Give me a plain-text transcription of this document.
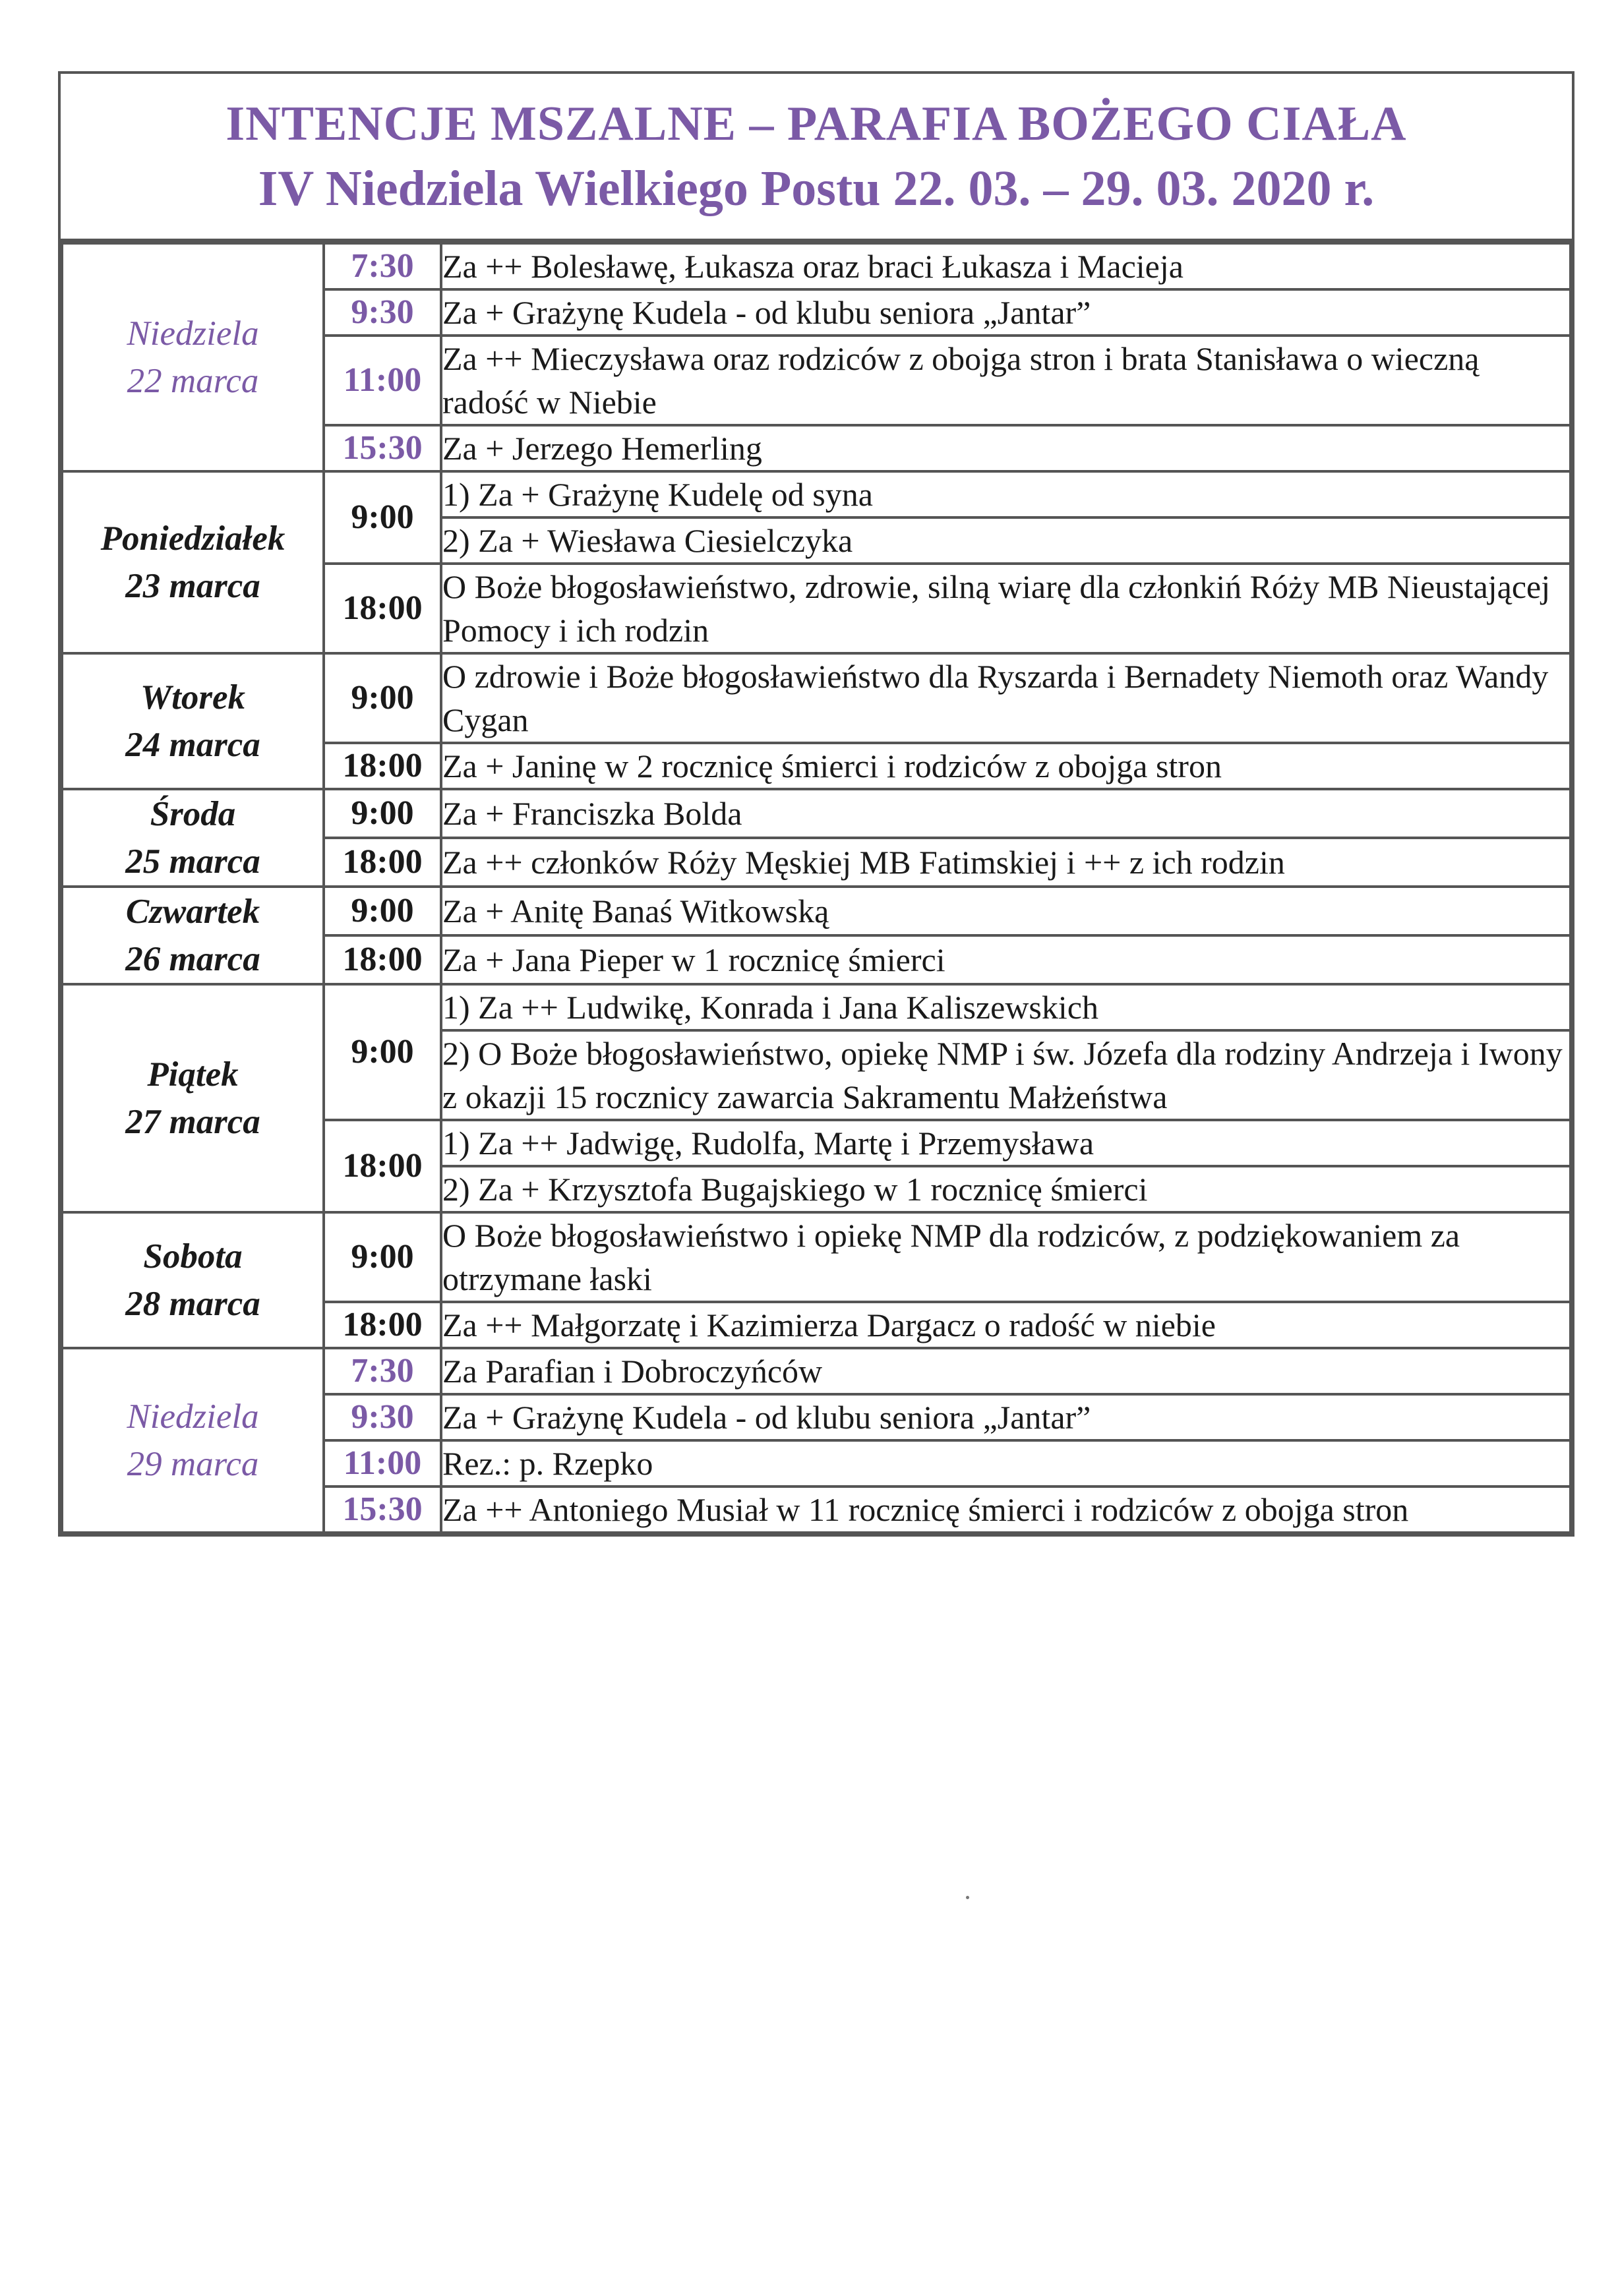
INTENCJE MSZALNE – PARAFIA BOŻEGO CIAŁA
IV Niedziela Wielkiego Postu 22. 03. – 29. 03. 2020 r.
Niedziela
22 marca	7:30	Za ++ Bolesławę, Łukasza oraz braci Łukasza i Macieja
	9:30	Za + Grażynę Kudela - od klubu seniora „Jantar”
	11:00	Za ++ Mieczysława oraz rodziców z obojga stron i brata Stanisława o wieczną radość w Niebie
	15:30	Za + Jerzego Hemerling

Poniedziałek
23 marca	9:00	1) Za + Grażynę Kudelę od syna
		2) Za + Wiesława Ciesielczyka
	18:00	O Boże błogosławieństwo, zdrowie, silną wiarę dla członkiń Róży MB Nieustającej Pomocy i ich rodzin

Wtorek
24 marca	9:00	O zdrowie i Boże błogosławieństwo dla Ryszarda i Bernadety Niemoth oraz Wandy Cygan
	18:00	Za + Janinę w 2 rocznicę śmierci i rodziców z obojga stron

Środa
25 marca	9:00	Za + Franciszka Bolda
	18:00	Za ++ członków Róży Męskiej MB Fatimskiej i ++ z ich rodzin

Czwartek
26 marca	9:00	Za + Anitę Banaś Witkowską
	18:00	Za + Jana Pieper w 1 rocznicę śmierci

Piątek
27 marca	9:00	1) Za ++ Ludwikę, Konrada i Jana Kaliszewskich
		2) O Boże błogosławieństwo, opiekę NMP i św. Józefa dla rodziny Andrzeja i Iwony z okazji 15 rocznicy zawarcia Sakramentu Małżeństwa
	18:00	1) Za ++ Jadwigę, Rudolfa, Martę i Przemysława
		2) Za + Krzysztofa Bugajskiego w 1 rocznicę śmierci

Sobota
28 marca	9:00	O Boże błogosławieństwo i opiekę NMP dla rodziców, z podziękowaniem za otrzymane łaski
	18:00	Za ++ Małgorzatę i Kazimierza Dargacz o radość w niebie

Niedziela
29 marca	7:30	Za Parafian i Dobroczyńców
	9:30	Za + Grażynę Kudela - od klubu seniora „Jantar”
	11:00	Rez.: p. Rzepko
	15:30	Za ++ Antoniego Musiał w 11 rocznicę śmierci i rodziców z obojga stron
